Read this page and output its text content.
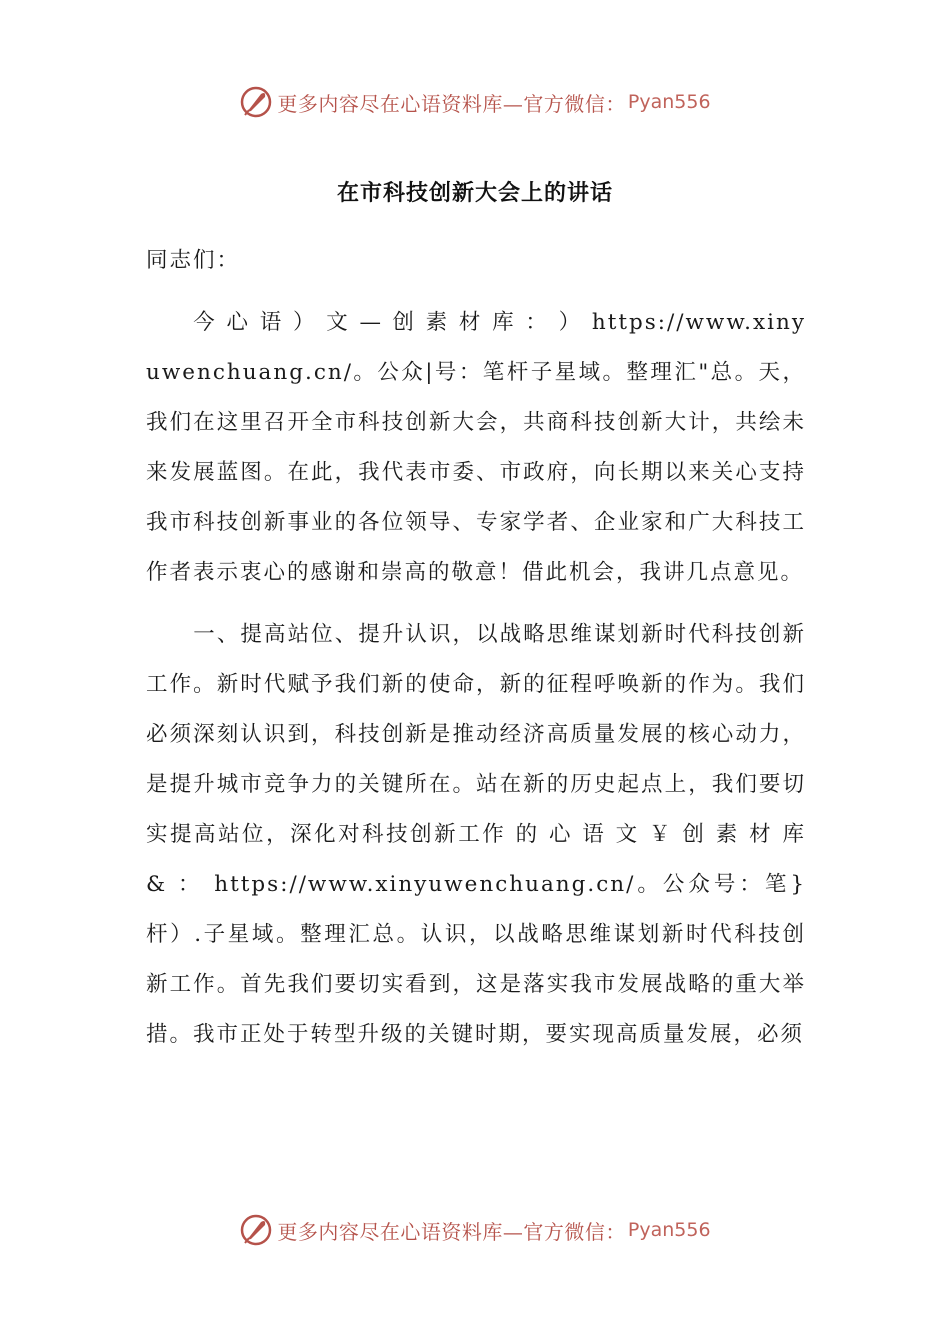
更多内容尽在心语资料库—官方微信： Pyan556
在市科技创新大会上的讲话

同志们：

今 心 语 ） 文 — 创 素 材 库 ： ） https://www.xinyuwenchuang.cn/。公众|号：笔杆子星域。整理汇"总。天，我们在这里召开全市科技创新大会，共商科技创新大计，共绘未来发展蓝图。在此，我代表市委、市政府，向长期以来关心支持我市科技创新事业的各位领导、专家学者、企业家和广大科技工作者表示衷心的感谢和崇高的敬意！借此机会，我讲几点意见。

一、提高站位、提升认识，以战略思维谋划新时代科技创新工作。新时代赋予我们新的使命，新的征程呼唤新的作为。我们必须深刻认识到，科技创新是推动经济高质量发展的核心动力，是提升城市竞争力的关键所在。站在新的历史起点上，我们要切实提高站位，深化对科技创新工作 的 心 语 文 ￥ 创 素 材 库 & ： https://www.xinyuwenchuang.cn/。公众号：笔}杆）.子星域。整理汇总。认识，以战略思维谋划新时代科技创新工作。首先我们要切实看到，这是落实我市发展战略的重大举措。我市正处于转型升级的关键时期，要实现高质量发展，必须

更多内容尽在心语资料库—官方微信： Pyan556
